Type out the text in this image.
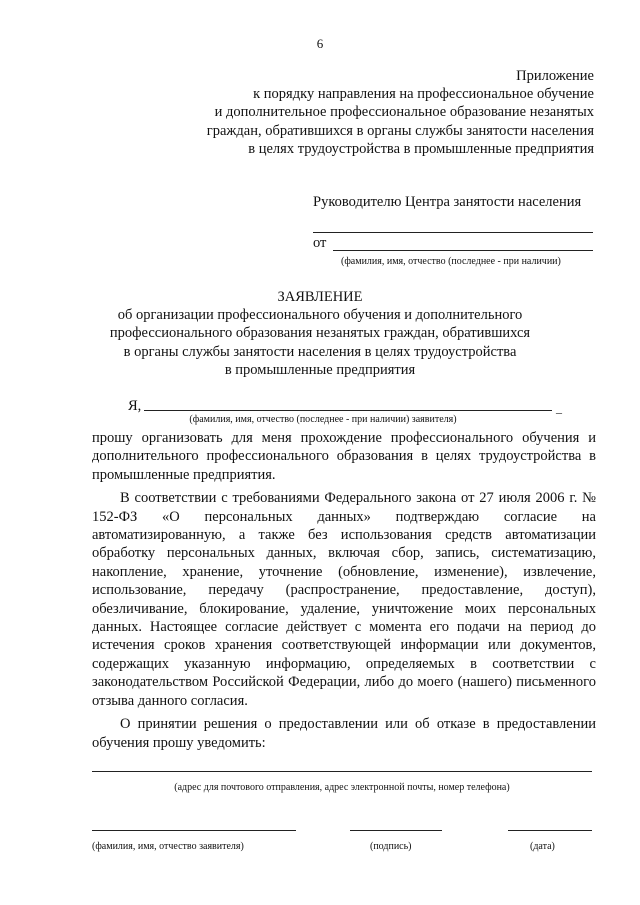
6
Приложение
к порядку направления на профессиональное обучение
и дополнительное профессиональное образование незанятых
граждан, обратившихся в органы службы занятости населения
в целях трудоустройства в промышленные предприятия
Руководителю Центра занятости населения
от
(фамилия, имя, отчество (последнее - при наличии)
ЗАЯВЛЕНИЕ
об организации профессионального обучения и дополнительного
профессионального образования незанятых граждан, обратившихся
в органы службы занятости населения в целях трудоустройства
в промышленные предприятия
Я,	_
(фамилия, имя, отчество (последнее - при наличии) заявителя)

прошу организовать для меня прохождение профессионального обучения и дополнительного профессионального образования в целях трудоустройства в промышленные предприятия.

В соответствии с требованиями Федерального закона от 27 июля 2006 г. № 152-ФЗ «О персональных данных» подтверждаю согласие на автоматизированную, а также без использования средств автоматизации обработку персональных данных, включая сбор, запись, систематизацию, накопление, хранение, уточнение (обновление, изменение), извлечение, использование, передачу (распространение, предоставление, доступ), обезличивание, блокирование, удаление, уничтожение моих персональных данных. Настоящее согласие действует с момента его подачи на период до истечения сроков хранения соответствующей информации или документов, содержащих указанную информацию, определяемых в соответствии с законодательством Российской Федерации, либо до моего (нашего) письменного отзыва данного согласия.

О принятии решения о предоставлении или об отказе в предоставлении обучения прошу уведомить:

(адрес для почтового отправления, адрес электронной почты, номер телефона)
(фамилия, имя, отчество заявителя)	(подпись)	(дата)
